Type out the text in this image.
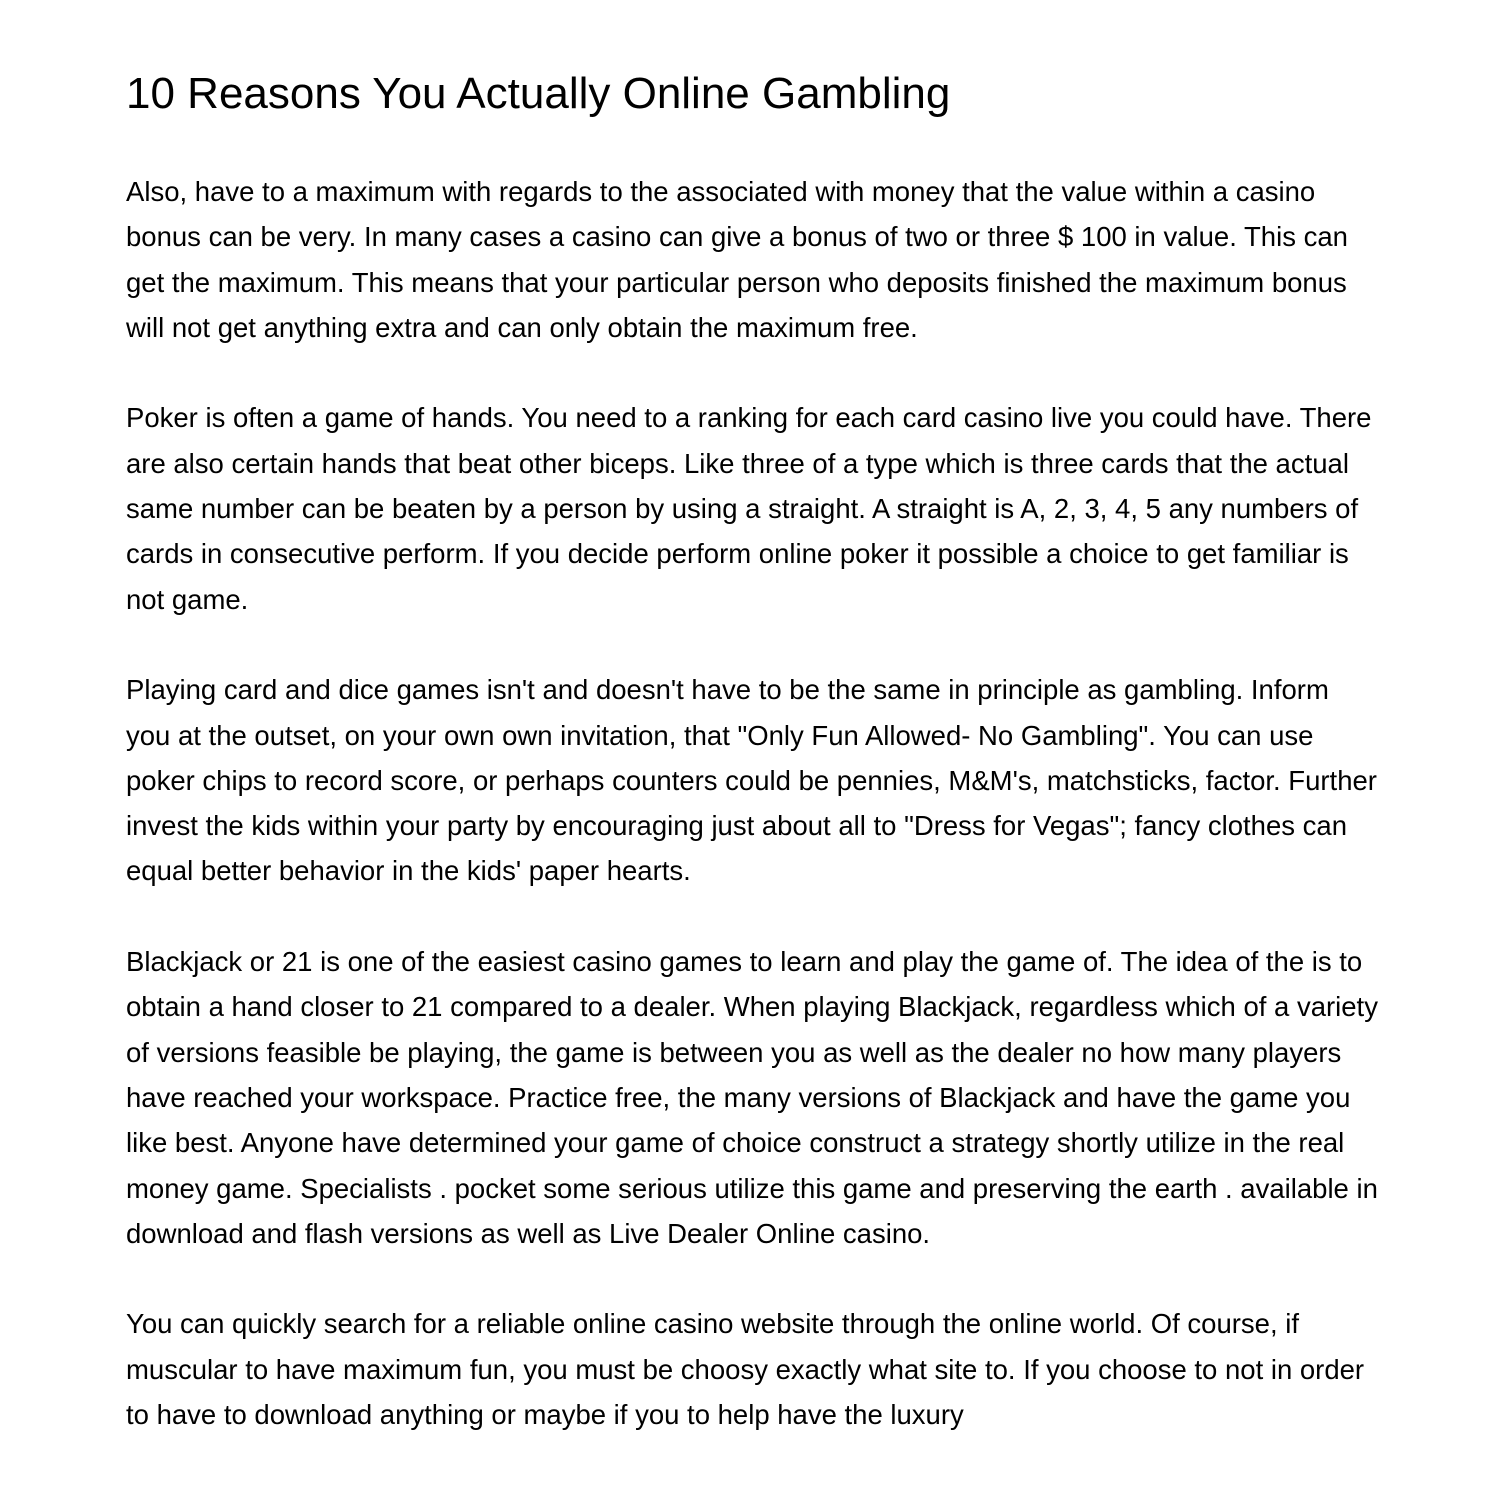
10 Reasons You Actually Online Gambling

Also, have to a maximum with regards to the associated with money that the value within a casino bonus can be very. In many cases a casino can give a bonus of two or three $ 100 in value. This can get the maximum. This means that your particular person who deposits finished the maximum bonus will not get anything extra and can only obtain the maximum free.

Poker is often a game of hands. You need to a ranking for each card casino live you could have. There are also certain hands that beat other biceps. Like three of a type which is three cards that the actual same number can be beaten by a person by using a straight. A straight is A, 2, 3, 4, 5 any numbers of cards in consecutive perform. If you decide perform online poker it possible a choice to get familiar is not game.

Playing card and dice games isn't and doesn't have to be the same in principle as gambling. Inform you at the outset, on your own own invitation, that "Only Fun Allowed- No Gambling". You can use poker chips to record score, or perhaps counters could be pennies, M&M's, matchsticks, factor. Further invest the kids within your party by encouraging just about all to "Dress for Vegas"; fancy clothes can equal better behavior in the kids' paper hearts.

Blackjack or 21 is one of the easiest casino games to learn and play the game of. The idea of the is to obtain a hand closer to 21 compared to a dealer. When playing Blackjack, regardless which of a variety of versions feasible be playing, the game is between you as well as the dealer no how many players have reached your workspace. Practice free, the many versions of Blackjack and have the game you like best. Anyone have determined your game of choice construct a strategy shortly utilize in the real money game. Specialists . pocket some serious utilize this game and preserving the earth . available in download and flash versions as well as Live Dealer Online casino.

You can quickly search for a reliable online casino website through the online world. Of course, if muscular to have maximum fun, you must be choosy exactly what site to. If you choose to not in order to have to download anything or maybe if you to help have the luxury
